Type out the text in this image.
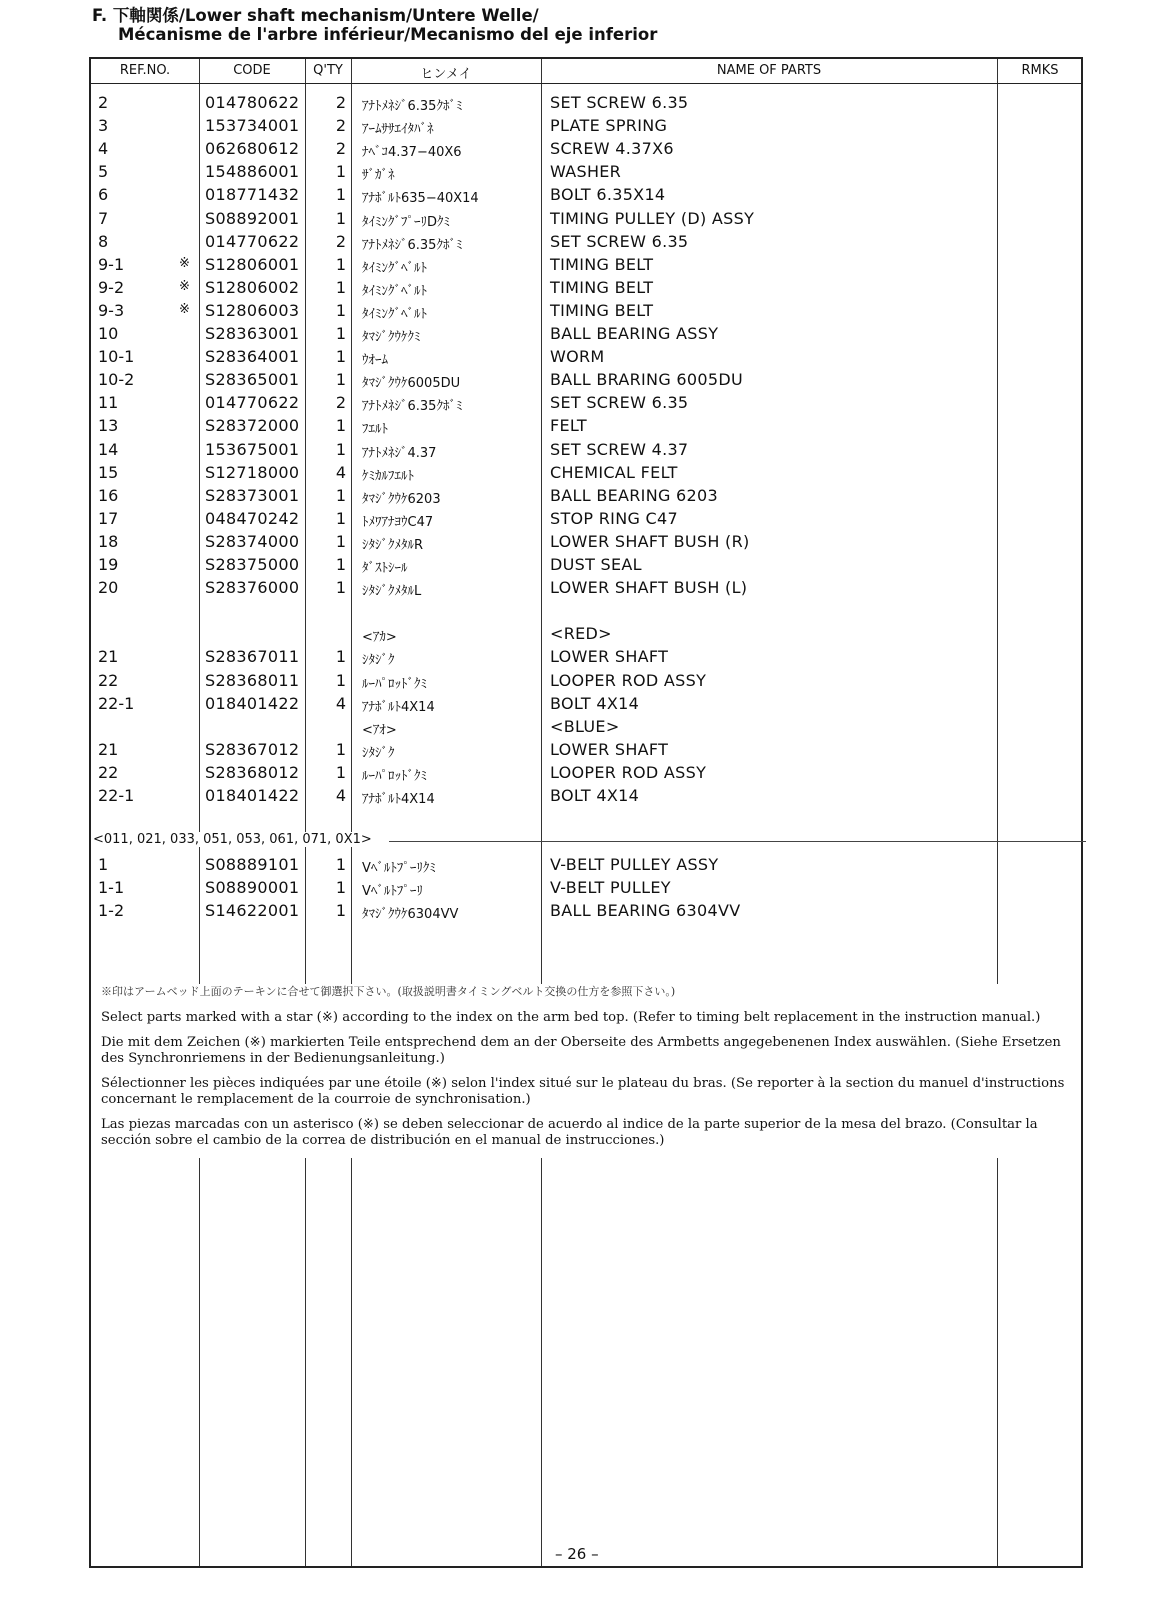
F. 下軸関係/Lower shaft mechanism/Untere Welle/
Mécanisme de l'arbre inférieur/Mecanismo del eje inferior
REF.NO.	CODE	Q'TY	ヒンメイ	NAME OF PARTS	RMKS
2	014780622	2 ｱﾅﾄﾒﾈｼﾞ6.35ｸﾎﾞﾐ	SET SCREW 6.35
3	153734001	2 ｱｰﾑｻｻｴｲﾀﾊﾞﾈ	PLATE SPRING
4	062680612	2 ﾅﾍﾞｺ4.37−40X6	SCREW 4.37X6
5	154886001	1 ｻﾞｶﾞﾈ	WASHER
6	018771432	1 ｱﾅﾎﾞﾙﾄ635−40X14	BOLT 6.35X14
7	S08892001	1 ﾀｲﾐﾝｸﾞﾌﾟｰﾘDｸﾐ	TIMING PULLEY (D) ASSY
8	014770622	2 ｱﾅﾄﾒﾈｼﾞ6.35ｸﾎﾞﾐ	SET SCREW 6.35
9-1	※ S12806001	1 ﾀｲﾐﾝｸﾞﾍﾞﾙﾄ	TIMING BELT
9-2	※ S12806002	1 ﾀｲﾐﾝｸﾞﾍﾞﾙﾄ	TIMING BELT
9-3	※ S12806003	1 ﾀｲﾐﾝｸﾞﾍﾞﾙﾄ	TIMING BELT
10	S28363001	1 ﾀﾏｼﾞｸｳｹｸﾐ	BALL BEARING ASSY
10-1	S28364001	1 ｳｵｰﾑ	WORM
10-2	S28365001	1 ﾀﾏｼﾞｸｳｹ6005DU	BALL BRARING 6005DU
11	014770622	2 ｱﾅﾄﾒﾈｼﾞ6.35ｸﾎﾞﾐ	SET SCREW 6.35
13	S28372000	1 ﾌｴﾙﾄ	FELT
14	153675001	1 ｱﾅﾄﾒﾈｼﾞ4.37	SET SCREW 4.37
15	S12718000	4 ｹﾐｶﾙﾌｴﾙﾄ	CHEMICAL FELT
16	S28373001	1 ﾀﾏｼﾞｸｳｹ6203	BALL BEARING 6203
17	048470242	1 ﾄﾒﾜｱﾅﾖｳC47	STOP RING C47
18	S28374000	1 ｼﾀｼﾞｸﾒﾀﾙR	LOWER SHAFT BUSH (R)
19	S28375000	1 ﾀﾞｽﾄｼｰﾙ	DUST SEAL
20	S28376000	1 ｼﾀｼﾞｸﾒﾀﾙL	LOWER SHAFT BUSH (L)
<ｱｶ>	<RED>
21	S28367011	1 ｼﾀｼﾞｸ	LOWER SHAFT
22	S28368011	1 ﾙｰﾊﾟﾛｯﾄﾞｸﾐ	LOOPER ROD ASSY
22-1	018401422	4 ｱﾅﾎﾞﾙﾄ4X14	BOLT 4X14
<ｱｵ>	<BLUE>
21	S28367012	1 ｼﾀｼﾞｸ	LOWER SHAFT
22	S28368012	1 ﾙｰﾊﾟﾛｯﾄﾞｸﾐ	LOOPER ROD ASSY
22-1	018401422	4 ｱﾅﾎﾞﾙﾄ4X14	BOLT 4X14
<011, 021, 033, 051, 053, 061, 071, 0X1>
1	S08889101	1 Vﾍﾞﾙﾄﾌﾟｰﾘｸﾐ	V-BELT PULLEY ASSY
1-1	S08890001	1 Vﾍﾞﾙﾄﾌﾟｰﾘ	V-BELT PULLEY
1-2	S14622001	1 ﾀﾏｼﾞｸｳｹ6304VV	BALL BEARING 6304VV

※印はアームベッド上面のテーキンに合せて御選択下さい。(取扱説明書タイミングベルト交換の仕方を参照下さい。)

Select parts marked with a star (※) according to the index on the arm bed top. (Refer to timing belt replacement in the instruction manual.)

Die mit dem Zeichen (※) markierten Teile entsprechend dem an der Oberseite des Armbetts angegebenenen Index auswählen. (Siehe Ersetzen des Synchronriemens in der Bedienungsanleitung.)

Sélectionner les pièces indiquées par une étoile (※) selon l'index situé sur le plateau du bras. (Se reporter à la section du manuel d'instructions concernant le remplacement de la courroie de synchronisation.)

Las piezas marcadas con un asterisco (※) se deben seleccionar de acuerdo al indice de la parte superior de la mesa del brazo. (Consultar la sección sobre el cambio de la correa de distribución en el manual de instrucciones.)

– 26 –
